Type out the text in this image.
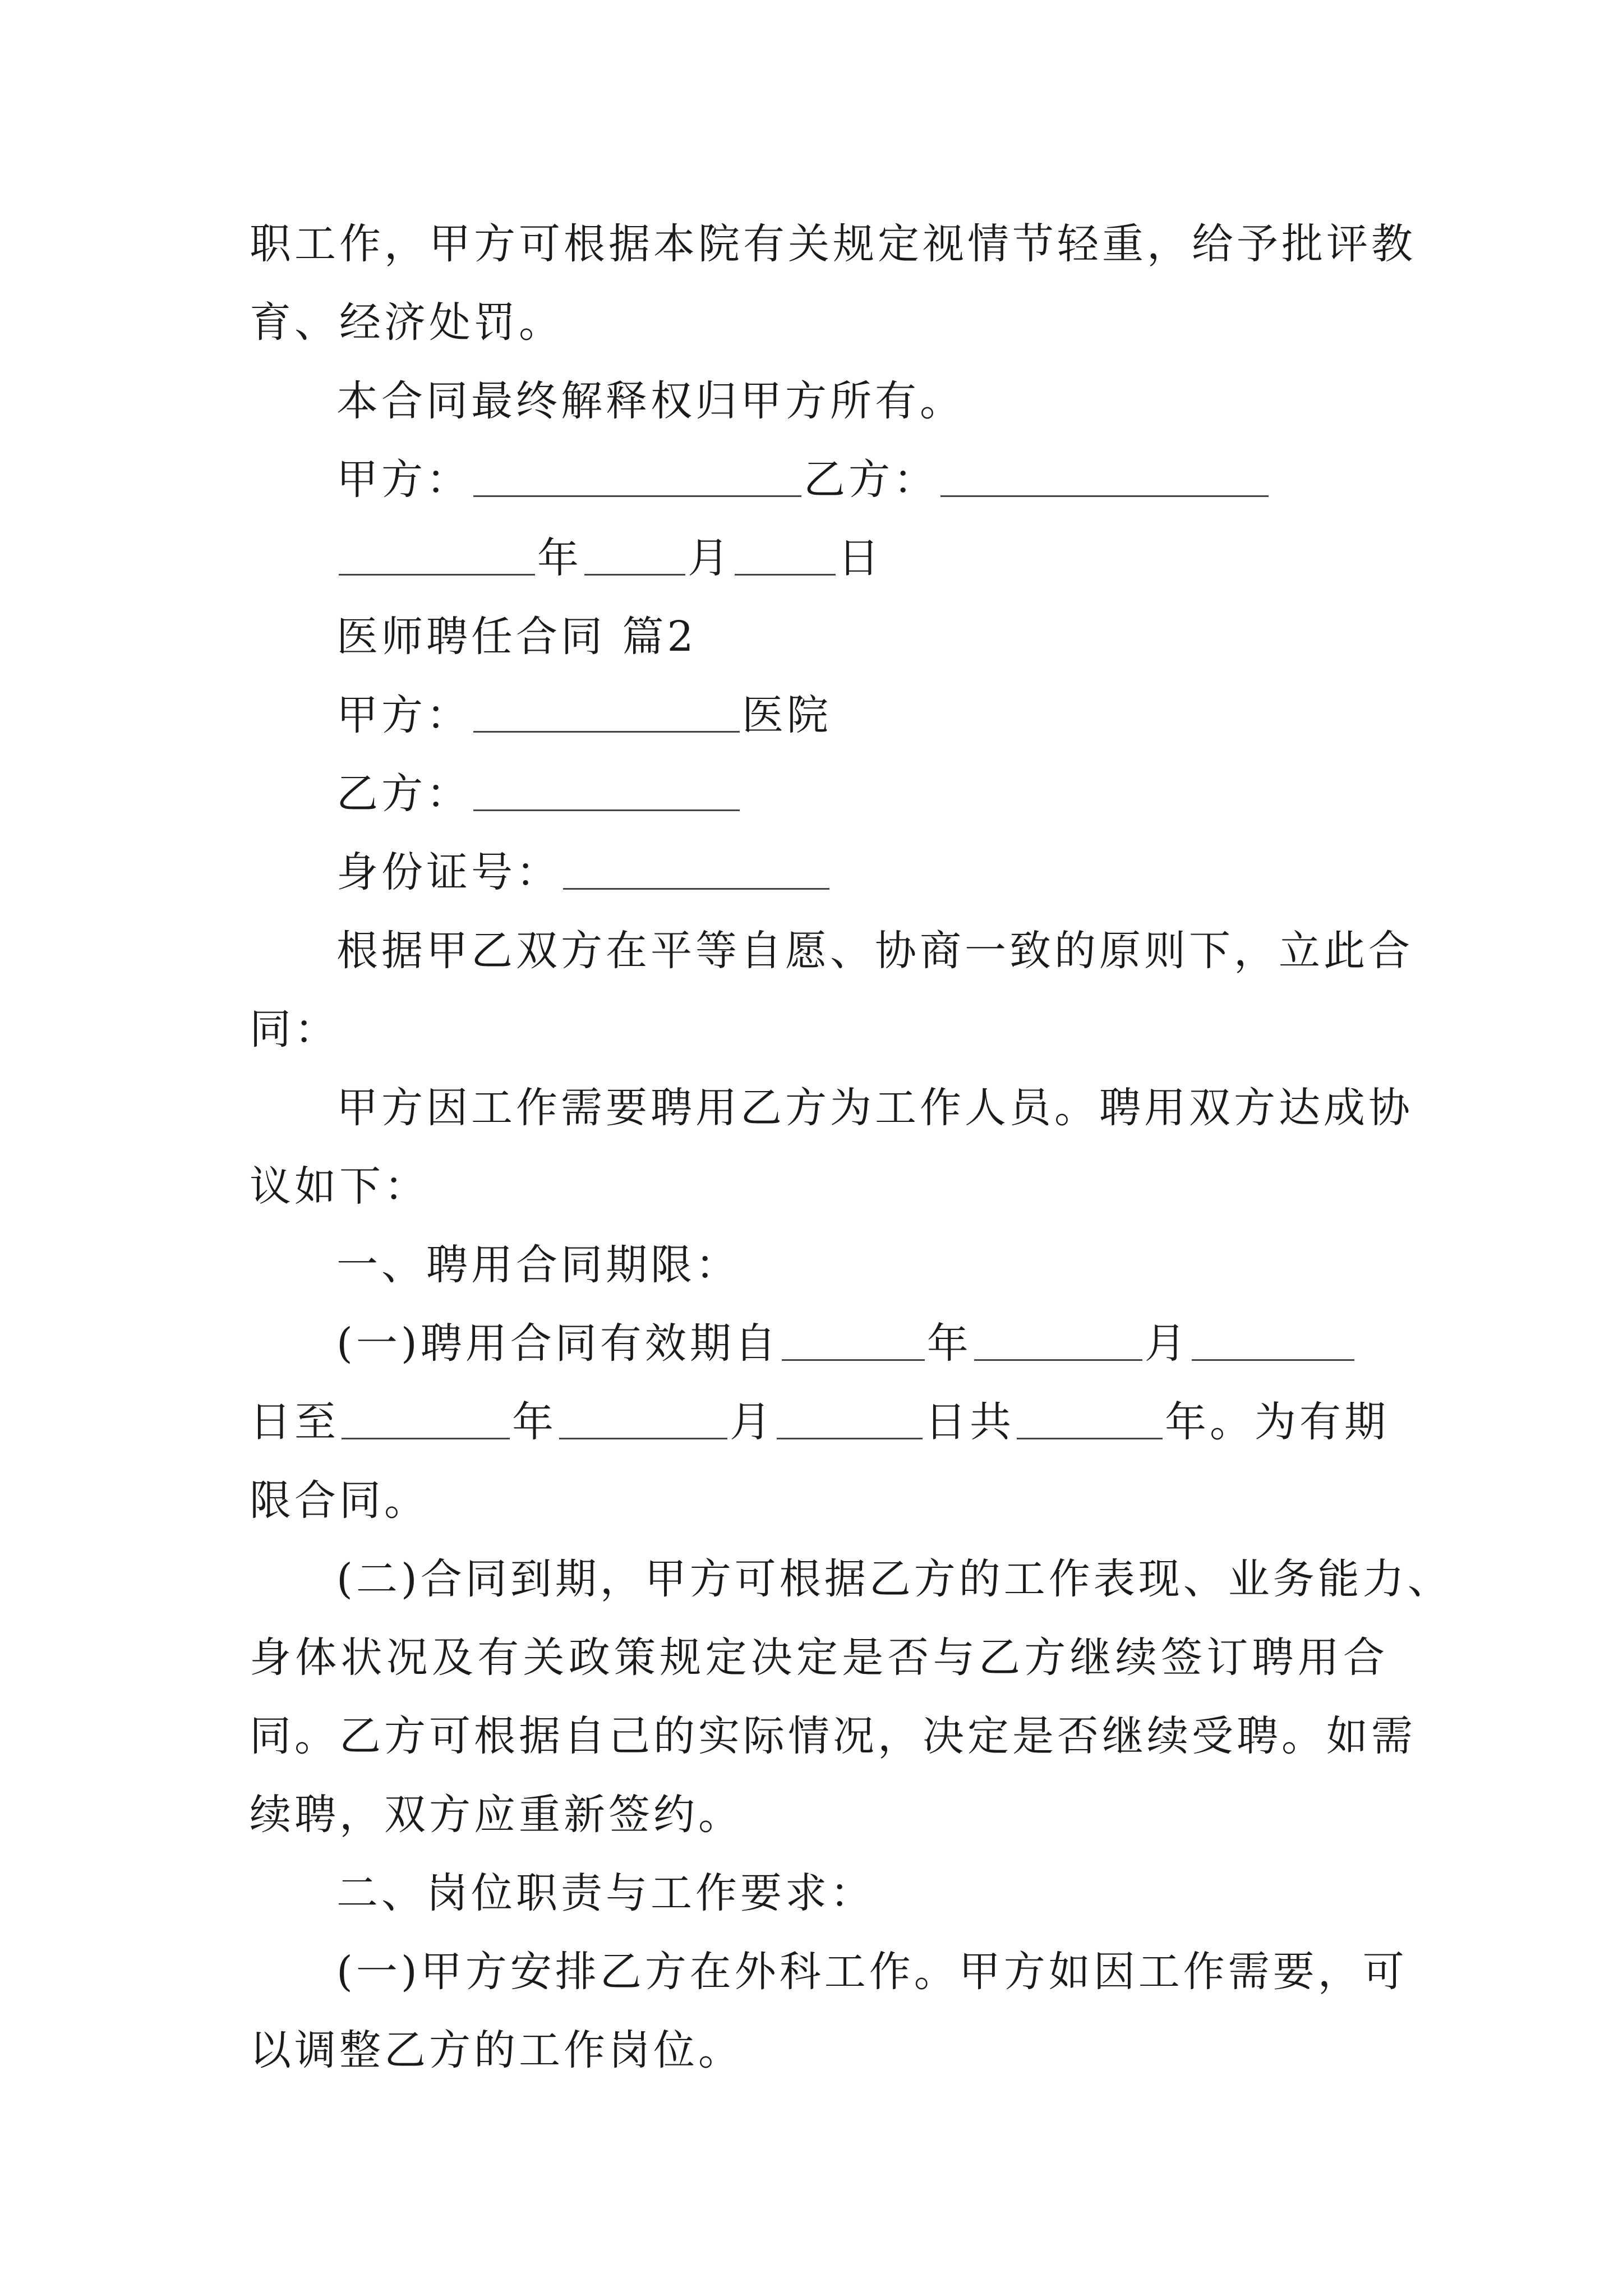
职工作，甲方可根据本院有关规定视情节轻重，给予批评教
育、经济处罚。
本合同最终解释权归甲方所有。
甲方：	乙方：
年	月	日
医师聘任合同 篇2
甲方：	医院
乙方：
身份证号：
根据甲乙双方在平等自愿、协商一致的原则下，立此合
同：
甲方因工作需要聘用乙方为工作人员。聘用双方达成协
议如下：
一、聘用合同期限：
(一)聘用合同有效期自	年	月
日至	年	月	日共	年。为有期
限合同。
(二)合同到期，甲方可根据乙方的工作表现、业务能力、
身体状况及有关政策规定决定是否与乙方继续签订聘用合
同。乙方可根据自己的实际情况，决定是否继续受聘。如需
续聘，双方应重新签约。
二、岗位职责与工作要求：
(一)甲方安排乙方在外科工作。甲方如因工作需要，可
以调整乙方的工作岗位。
